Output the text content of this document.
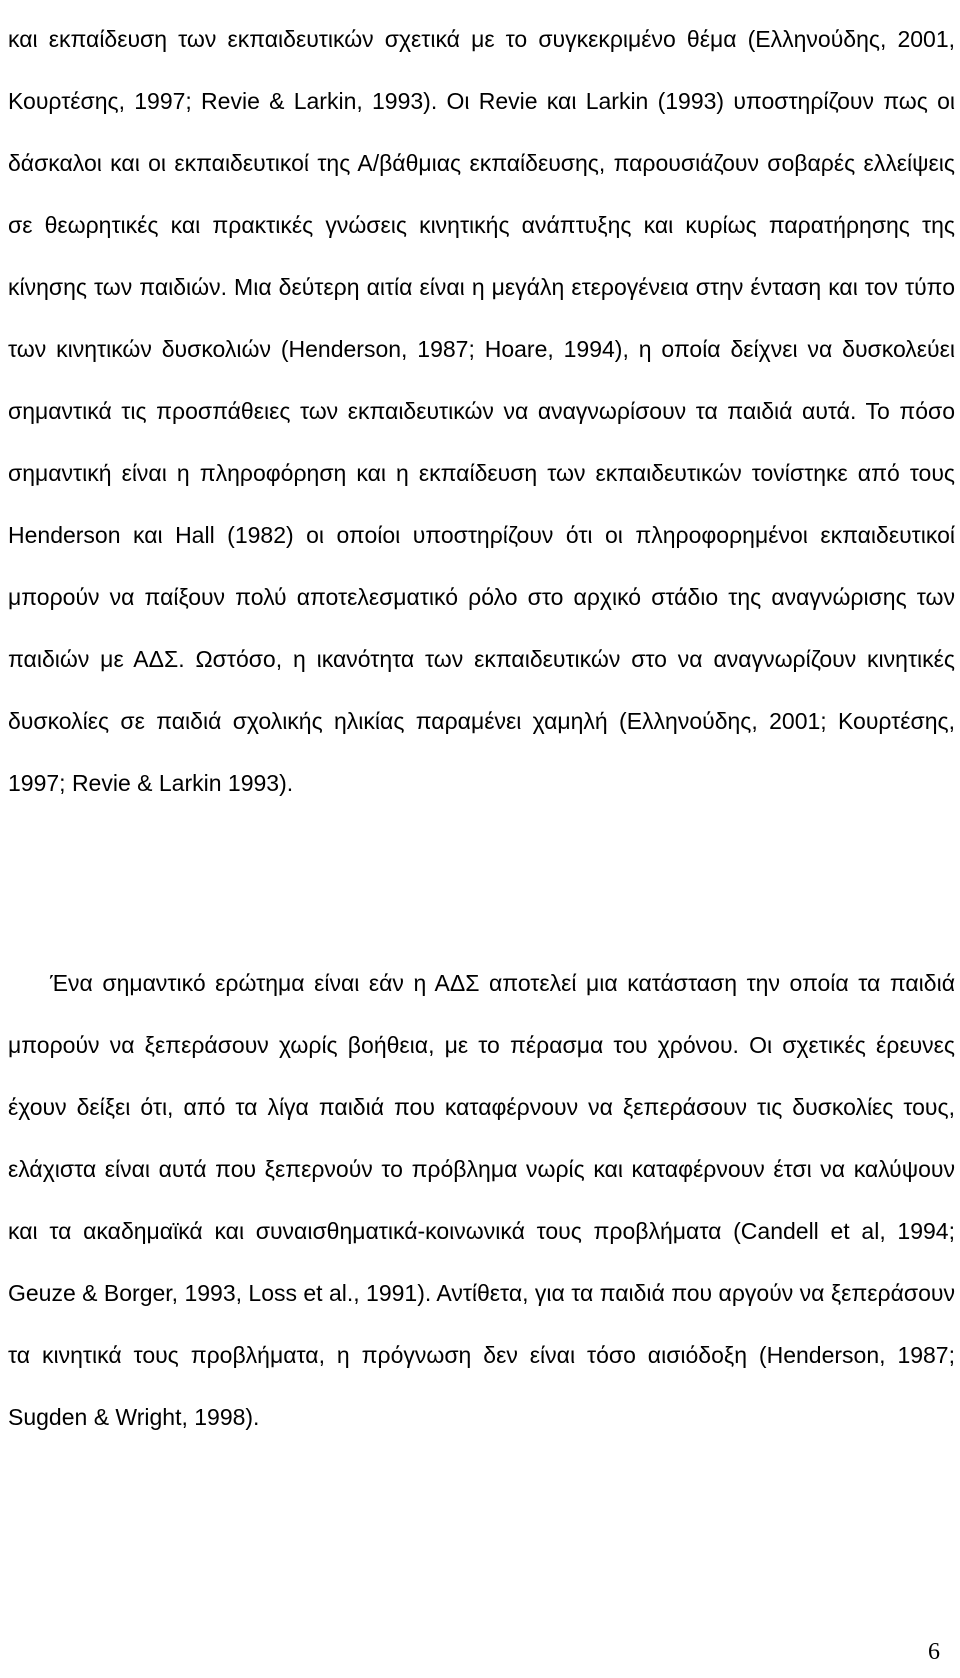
και εκπαίδευση των εκπαιδευτικών σχετικά με το συγκεκριμένο θέμα (Ελληνούδης, 2001, Κουρτέσης, 1997; Revie & Larkin, 1993). Οι Revie και Larkin (1993) υποστηρίζουν πως οι δάσκαλοι και οι εκπαιδευτικοί της Α/βάθμιας εκπαίδευσης, παρουσιάζουν σοβαρές ελλείψεις σε θεωρητικές και πρακτικές γνώσεις κινητικής ανάπτυξης και κυρίως παρατήρησης της κίνησης των παιδιών. Μια δεύτερη αιτία είναι η μεγάλη ετερογένεια στην ένταση και τον τύπο των κινητικών δυσκολιών (Henderson, 1987; Hoare, 1994), η οποία δείχνει να δυσκολεύει σημαντικά τις προσπάθειες των εκπαιδευτικών να αναγνωρίσουν τα παιδιά αυτά. Το πόσο σημαντική είναι η πληροφόρηση και η εκπαίδευση των εκπαιδευτικών τονίστηκε από τους Henderson και Hall (1982) οι οποίοι υποστηρίζουν ότι οι πληροφορημένοι εκπαιδευτικοί μπορούν να παίξουν πολύ αποτελεσματικό ρόλο στο αρχικό στάδιο της αναγνώρισης των παιδιών με ΑΔΣ. Ωστόσο, η ικανότητα των εκπαιδευτικών στο να αναγνωρίζουν κινητικές δυσκολίες σε παιδιά σχολικής ηλικίας παραμένει χαμηλή (Ελληνούδης, 2001; Κουρτέσης, 1997; Revie & Larkin 1993).

Ένα σημαντικό ερώτημα είναι εάν η ΑΔΣ αποτελεί μια κατάσταση την οποία τα παιδιά μπορούν να ξεπεράσουν χωρίς βοήθεια, με το πέρασμα του χρόνου. Οι σχετικές έρευνες έχουν δείξει ότι, από τα λίγα παιδιά που καταφέρνουν να ξεπεράσουν τις δυσκολίες τους, ελάχιστα είναι αυτά που ξεπερνούν το πρόβλημα νωρίς και καταφέρνουν έτσι να καλύψουν και τα ακαδημαϊκά και συναισθηματικά-κοινωνικά τους προβλήματα (Candell et al, 1994; Geuze & Borger, 1993, Loss et al., 1991). Αντίθετα, για τα παιδιά που αργούν να ξεπεράσουν τα κινητικά τους προβλήματα, η πρόγνωση δεν είναι τόσο αισιόδοξη (Henderson, 1987; Sugden & Wright, 1998).

6
